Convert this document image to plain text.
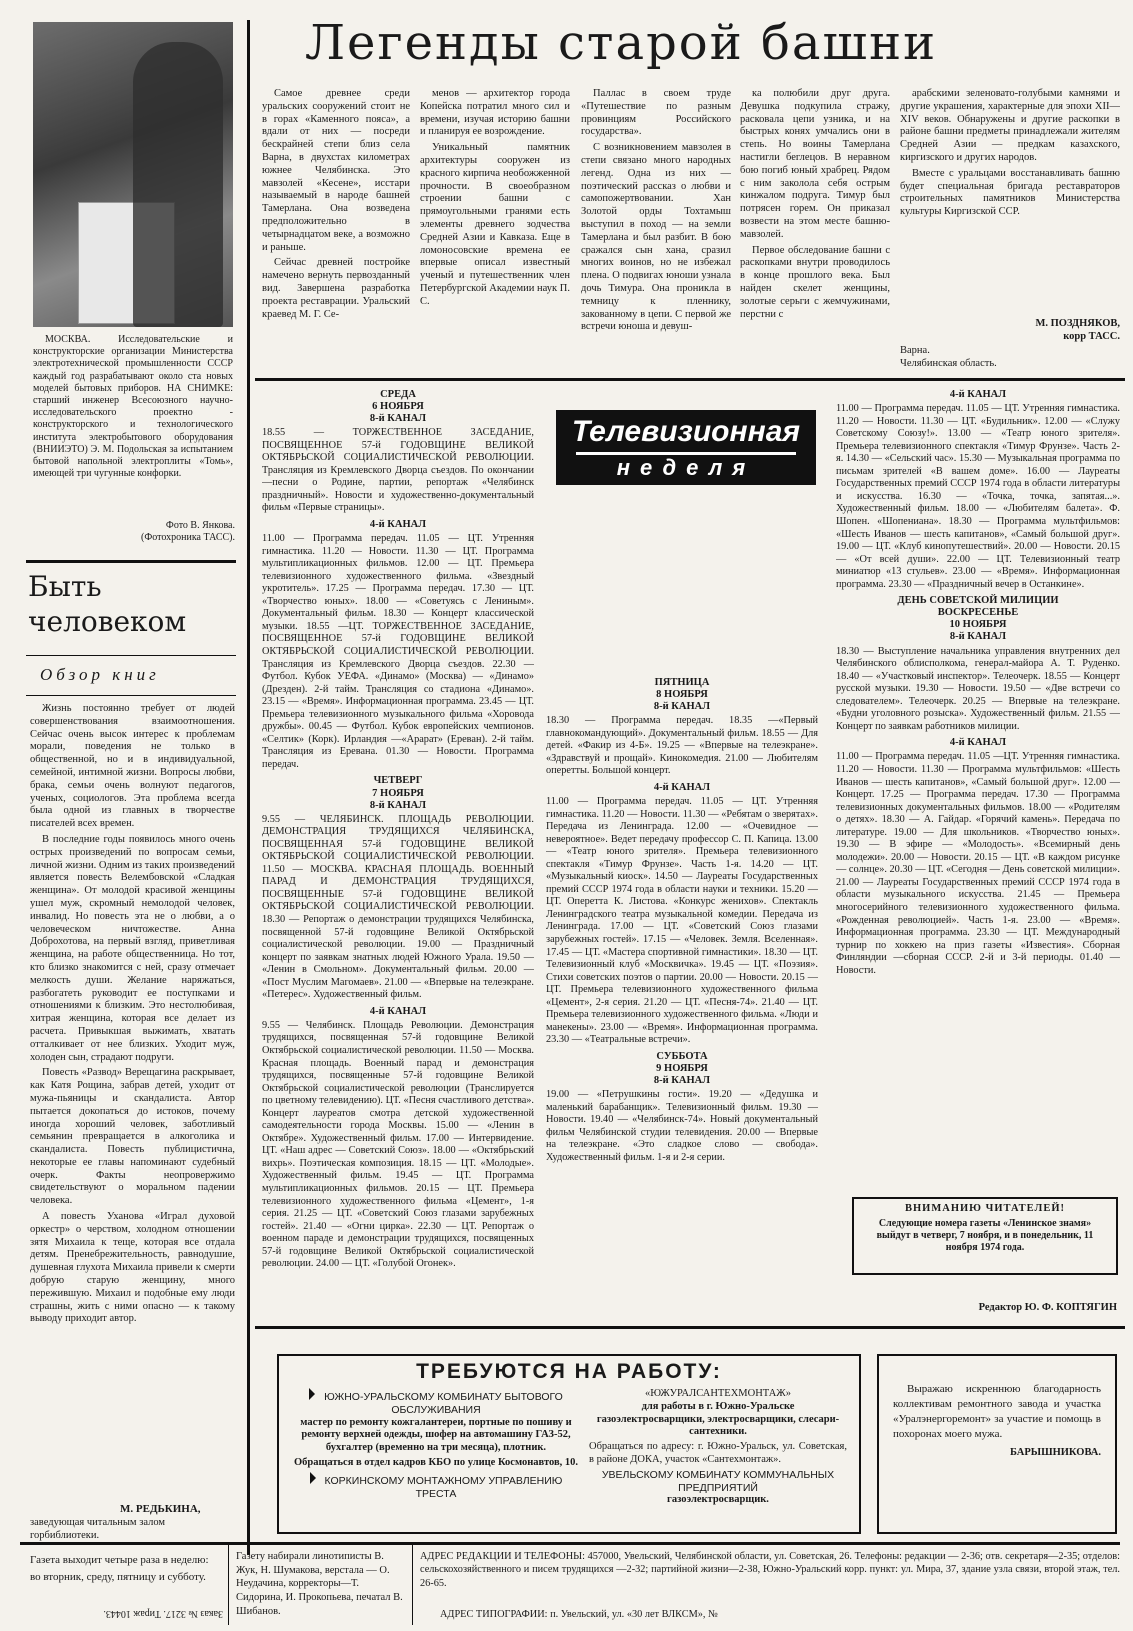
МОСКВА. Исследовательские и конструкторские организации Министерства электротехнической промышленности СССР каждый год разрабатывают около ста новых моделей бытовых приборов. НА СНИМКЕ: старший инженер Всесоюзного научно-исследовательского проектно - конструкторского и технологического института электробытового оборудования (ВНИИЭТО) Э. М. Подольская за испытанием бытовой напольной электроплиты «Томь», имеющей три чугунные конфорки.

Фото В. Янкова. (Фотохроника ТАСС).
Быть
человеком
Обзор книг

Жизнь постоянно требует от людей совершенствования взаимоотношения. Сейчас очень высок интерес к проблемам морали, поведения не только в общественной, но и в индивидуальной, семейной, интимной жизни. Вопросы любви, брака, семьи очень волнуют педагогов, ученых, социологов. Эта проблема всегда была одной из главных в творчестве писателей всех времен.

В последние годы появилось много очень острых произведений по вопросам семьи, личной жизни. Одним из таких произведений является повесть Велембовской «Сладкая женщина». От молодой красивой женщины ушел муж, скромный немолодой человек, инвалид. Но повесть эта не о любви, а о человеческом ничтожестве. Анна Доброхотова, на первый взгляд, приветливая женщина, на работе общественница. Но тот, кто близко знакомится с ней, сразу отмечает мелкость души. Желание наряжаться, разбогатеть руководит ее поступками и отношениями к близким. Это нестолюбивая, хитрая женщина, которая все делает из расчета. Привыкшая выжимать, хватать отталкивает от нее близких. Уходит муж, холоден сын, страдают подруги.

Повесть «Развод» Верещагина раскрывает, как Катя Рощина, забрав детей, уходит от мужа-пьяницы и скандалиста. Автор пытается докопаться до истоков, почему иногда хороший человек, заботливый семьянин превращается в алкоголика и скандалиста. Повесть публицистична, некоторые ее главы напоминают судебный очерк. Факты неопровержимо свидетельствуют о моральном падении человека.

А повесть Уханова «Играл духовой оркестр» о черством, холодном отношении зятя Михаила к теще, которая все отдала детям. Пренебрежительность, равнодушие, душевная глухота Михаила привели к смерти добрую старую женщину, много пережившую. Михаил и подобные ему люди страшны, жить с ними опасно — к такому выводу приходит автор.

М. РЕДЬКИНА,
заведующая читальным залом горбиблиотеки.
Легенды старой башни

Самое древнее среди уральских сооружений стоит не в горах «Каменного пояса», а вдали от них — посреди бескрайней степи близ села Варна, в двухстах километрах южнее Челябинска. Это мавзолей «Кесене», исстари называемый в народе башней Тамерлана. Она возведена предположительно в четырнадцатом веке, а возможно и раньше.

Сейчас древней постройке намечено вернуть первозданный вид. Завершена разработка проекта реставрации. Уральский краевед М. Г. Се-

менов — архитектор города Копейска потратил много сил и времени, изучая историю башни и планируя ее возрождение.

Уникальный памятник архитектуры сооружен из красного кирпича необожженной прочности. В своеобразном строении башни с прямоугольными гранями есть элементы древнего зодчества Средней Азии и Кавказа. Еще в ломоносовские времена ее впервые описал известный ученый и путешественник член Петербургской Академии наук П. С.

Паллас в своем труде «Путешествие по разным провинциям Российского государства».

С возникновением мавзолея в степи связано много народных легенд. Одна из них — поэтический рассказ о любви и самопожертвовании. Хан Золотой орды Тохтамыш выступил в поход — на земли Тамерлана и был разбит. В бою сражался сын хана, сразил многих воинов, но не избежал плена. О подвигах юноши узнала дочь Тимура. Она проникла в темницу к пленнику, закованному в цепи. С первой же встречи юноша и девуш-

ка полюбили друг друга. Девушка подкупила стражу, расковала цепи узника, и на быстрых конях умчались они в степь. Но воины Тамерлана настигли беглецов. В неравном бою погиб юный храбрец. Рядом с ним заколола себя острым кинжалом подруга. Тимур был потрясен горем. Он приказал возвести на этом месте башню-мавзолей.

Первое обследование башни с раскопками внутри проводилось в конце прошлого века. Был найден скелет женщины, золотые серьги с жемчужинами, перстни с

арабскими зеленовато-голубыми камнями и другие украшения, характерные для эпохи XII—XIV веков. Обнаружены и другие раскопки в районе башни предметы принадлежали жителям Средней Азии — предкам казахского, киргизского и других народов.

Вместе с уральцами восстанавливать башню будет специальная бригада реставраторов строительных памятников Министерства культуры Киргизской ССР.

М. ПОЗДНЯКОВ,
корр ТАСС.
Варна.
Челябинская область.
СРЕДА
6 НОЯБРЯ
8-й КАНАЛ
18.55 — ТОРЖЕСТВЕННОЕ ЗАСЕДАНИЕ, ПОСВЯЩЕННОЕ 57-й ГОДОВЩИНЕ ВЕЛИКОЙ ОКТЯБРЬСКОЙ СОЦИАЛИСТИЧЕСКОЙ РЕВОЛЮЦИИ. Трансляция из Кремлевского Дворца съездов. По окончании—песни о Родине, партии, репортаж «Челябинск праздничный». Новости и художественно-документальный фильм «Первые страницы».
4-й КАНАЛ
11.00 — Программа передач. 11.05 — ЦТ. Утренняя гимнастика. 11.20 — Новости. 11.30 — ЦТ. Программа мультипликационных фильмов. 12.00 — ЦТ. Премьера телевизионного художественного фильма. «Звездный укротитель». 17.25 — Программа передач. 17.30 — ЦТ. «Творчество юных». 18.00 — «Советуясь с Лениным». Документальный фильм. 18.30 — Концерт классической музыки. 18.55 —ЦТ. ТОРЖЕСТВЕННОЕ ЗАСЕДАНИЕ, ПОСВЯЩЕННОЕ 57-й ГОДОВЩИНЕ ВЕЛИКОЙ ОКТЯБРЬСКОЙ СОЦИАЛИСТИЧЕСКОЙ РЕВОЛЮЦИИ. Трансляция из Кремлевского Дворца съездов. 22.30 — Футбол. Кубок УЕФА. «Динамо» (Москва) — «Динамо» (Дрезден). 2-й тайм. Трансляция со стадиона «Динамо». 23.15 — «Время». Информационная программа. 23.45 — ЦТ. Премьера телевизионного музыкального фильма «Хоровода дружбы». 00.45 — Футбол. Кубок европейских чемпионов. «Селтик» (Корк). Ирландия —«Арарат» (Ереван). 2-й тайм. Трансляция из Еревана. 01.30 — Новости. Программа передач.
ЧЕТВЕРГ
7 НОЯБРЯ
8-й КАНАЛ
9.55 — ЧЕЛЯБИНСК. ПЛОЩАДЬ РЕВОЛЮЦИИ. ДЕМОНСТРАЦИЯ ТРУДЯЩИХСЯ ЧЕЛЯБИНСКА, ПОСВЯЩЕННАЯ 57-й ГОДОВЩИНЕ ВЕЛИКОЙ ОКТЯБРЬСКОЙ СОЦИАЛИСТИЧЕСКОЙ РЕВОЛЮЦИИ. 11.50 — МОСКВА. КРАСНАЯ ПЛОЩАДЬ. ВОЕННЫЙ ПАРАД И ДЕМОНСТРАЦИЯ ТРУДЯЩИХСЯ, ПОСВЯЩЕННЫЕ 57-й ГОДОВЩИНЕ ВЕЛИКОЙ ОКТЯБРЬСКОЙ СОЦИАЛИСТИЧЕСКОЙ РЕВОЛЮЦИИ. 18.30 — Репортаж о демонстрации трудящихся Челябинска, посвященной 57-й годовщине Великой Октябрьской социалистической революции. 19.00 — Праздничный концерт по заявкам знатных людей Южного Урала. 19.50 — «Ленин в Смольном». Документальный фильм. 20.00 — «Пост Муслим Магомаев». 21.00 — «Впервые на телеэкране. «Петерес». Художественный фильм.
4-й КАНАЛ
9.55 — Челябинск. Площадь Революции. Демонстрация трудящихся, посвященная 57-й годовщине Великой Октябрьской социалистической революции. 11.50 — Москва. Красная площадь. Военный парад и демонстрация трудящихся, посвященные 57-й годовщине Великой Октябрьской социалистической революции (Транслируется по цветному телевидению). ЦТ. «Песня счастливого детства». Концерт лауреатов смотра детской художественной самодеятельности города Москвы. 15.00 — «Ленин в Октябре». Художественный фильм. 17.00 — Интервидение. ЦТ. «Наш адрес — Советский Союз». 18.00 — «Октябрьский вихрь». Поэтическая композиция. 18.15 — ЦТ. «Молодые». Художественный фильм. 19.45 — ЦТ. Программа мультипликационных фильмов. 20.15 — ЦТ. Премьера телевизионного художественного фильма «Цемент», 1-я серия. 21.25 — ЦТ. «Советский Союз глазами зарубежных гостей». 21.40 — «Огни цирка». 22.30 — ЦТ. Репортаж о военном параде и демонстрации трудящихся, посвященных 57-й годовщине Великой Октябрьской социалистической революции. 24.00 — ЦТ. «Голубой Огонек».
Телевизионная
неделя
ПЯТНИЦА
8 НОЯБРЯ
8-й КАНАЛ
18.30 — Программа передач. 18.35 —«Первый главнокомандующий». Документальный фильм. 18.55 — Для детей. «Факир из 4-Б». 19.25 — «Впервые на телеэкране». «Здравствуй и прощай». Кинокомедия. 21.00 — Любителям оперетты. Большой концерт.
4-й КАНАЛ
11.00 — Программа передач. 11.05 — ЦТ. Утренняя гимнастика. 11.20 — Новости. 11.30 — «Ребятам о зверятах». Передача из Ленинграда. 12.00 — «Очевидное — невероятное». Ведет передачу профессор С. П. Капица. 13.00 — «Театр юного зрителя». Премьера телевизионного спектакля «Тимур Фрунзе». Часть 1-я. 14.20 — ЦТ. «Музыкальный киоск». 14.50 — Лауреаты Государственных премий СССР 1974 года в области науки и техники. 15.20 — ЦТ. Оперетта К. Листова. «Конкурс женихов». Спектакль Ленинградского театра музыкальной комедии. Передача из Ленинграда. 17.00 — ЦТ. «Советский Союз глазами зарубежных гостей». 17.15 — «Человек. Земля. Вселенная». 17.45 — ЦТ. «Мастера спортивной гимнастики». 18.30 — ЦТ. Телевизионный клуб «Москвичка». 19.45 — ЦТ. «Поэзия». Стихи советских поэтов о партии. 20.00 — Новости. 20.15 — ЦТ. Премьера телевизионного художественного фильма «Цемент», 2-я серия. 21.20 — ЦТ. «Песня-74». 21.40 — ЦТ. Премьера телевизионного художественного фильма. «Люди и манекены». 23.00 — «Время». Информационная программа. 23.30 — «Театральные встречи».
СУББОТА
9 НОЯБРЯ
8-й КАНАЛ
19.00 — «Петрушкины гости». 19.20 — «Дедушка и маленький барабанщик». Телевизионный фильм. 19.30 — Новости. 19.40 — «Челябинск-74». Новый документальный фильм Челябинской студии телевидения. 20.00 — Впервые на телеэкране. «Это сладкое слово — свобода». Художественный фильм. 1-я и 2-я серии.
4-й КАНАЛ
11.00 — Программа передач. 11.05 — ЦТ. Утренняя гимнастика. 11.20 — Новости. 11.30 — ЦТ. «Будильник». 12.00 — «Служу Советскому Союзу!». 13.00 — «Театр юного зрителя». Премьера телевизионного спектакля «Тимур Фрунзе». Часть 2-я. 14.30 — «Сельский час». 15.30 — Музыкальная программа по письмам зрителей «В вашем доме». 16.00 — Лауреаты Государственных премий СССР 1974 года в области литературы и искусства. 16.30 — «Точка, точка, запятая...». Художественный фильм. 18.00 — «Любителям балета». Ф. Шопен. «Шопениана». 18.30 — Программа мультфильмов: «Шесть Иванов — шесть капитанов», «Самый большой друг». 19.00 — ЦТ. «Клуб кинопутешествий». 20.00 — Новости. 20.15 — «От всей души». 22.00 — ЦТ. Телевизионный театр миниатюр «13 стульев». 23.00 — «Время». Информационная программа. 23.30 — «Праздничный вечер в Останкине».
ДЕНЬ СОВЕТСКОЙ МИЛИЦИИ
ВОСКРЕСЕНЬЕ
10 НОЯБРЯ
8-й КАНАЛ
18.30 — Выступление начальника управления внутренних дел Челябинского облисполкома, генерал-майора А. Т. Руденко. 18.40 — «Участковый инспектор». Телеочерк. 18.55 — Концерт русской музыки. 19.30 — Новости. 19.50 — «Две встречи со следователем». Телеочерк. 20.25 — Впервые на телеэкране. «Будни уголовного розыска». Художественный фильм. 21.55 — Концерт по заявкам работников милиции.
4-й КАНАЛ
11.00 — Программа передач. 11.05 —ЦТ. Утренняя гимнастика. 11.20 — Новости. 11.30 — Программа мультфильмов: «Шесть Иванов — шесть капитанов», «Самый большой друг». 12.00 — Концерт. 17.25 — Программа передач. 17.30 — Программа телевизионных документальных фильмов. 18.00 — «Родителям о детях». 18.30 — А. Гайдар. «Горячий камень». Передача по литературе. 19.00 — Для школьников. «Творчество юных». 19.30 — В эфире — «Молодость». «Всемирный день молодежи». 20.00 — Новости. 20.15 — ЦТ. «В каждом рисунке — солнце». 20.30 — ЦТ. «Сегодня — День советской милиции». 21.00 — Лауреаты Государственных премий СССР 1974 года в области музыкального искусства. 21.45 — Премьера многосерийного телевизионного художественного фильма. «Рожденная революцией». Часть 1-я. 23.00 — «Время». Информационная программа. 23.30 — ЦТ. Международный турнир по хоккею на приз газеты «Известия». Сборная Финляндии —сборная СССР. 2-й и 3-й периоды. 01.40 — Новости.
ВНИМАНИЮ ЧИТАТЕЛЕЙ!
Следующие номера газеты «Ленинское знамя» выйдут в четверг, 7 ноября, и в понедельник, 11 ноября 1974 года.
Редактор Ю. Ф. КОПТЯГИН
ТРЕБУЮТСЯ НА РАБОТУ:
ЮЖНО-УРАЛЬСКОМУ КОМБИНАТУ БЫТОВОГО ОБСЛУЖИВАНИЯ
мастер по ремонту кожгалантереи, портные по пошиву и ремонту верхней одежды, шофер на автомашину ГАЗ-52, бухгалтер (временно на три месяца), плотник.
Обращаться в отдел кадров КБО по улице Космонавтов, 10.
КОРКИНСКОМУ МОНТАЖНОМУ УПРАВЛЕНИЮ ТРЕСТА
«ЮЖУРАЛСАНТЕХМОНТАЖ»
для работы в г. Южно-Уральске газоэлектросварщики, электросварщики, слесари-сантехники.
Обращаться по адресу: г. Южно-Уральск, ул. Советская, в районе ДОКА, участок «Сантехмонтаж».
УВЕЛЬСКОМУ КОМБИНАТУ КОММУНАЛЬНЫХ ПРЕДПРИЯТИЙ
газоэлектросварщик.
Выражаю искреннюю благодарность коллективам ремонтного завода и участка «Уралэнергоремонт» за участие и помощь в похоронах моего мужа.
БАРЫШНИКОВА.
Газета выходит четыре раза в неделю: во вторник, среду, пятницу и субботу.
Заказ № 3217. Тираж 10443.
Газету набирали линотиписты В. Жук, Н. Шумакова, верстала — О. Неудачина, корректоры—Т. Сидорина, И. Прокопьева, печатал В. Шибанов.
АДРЕС РЕДАКЦИИ И ТЕЛЕФОНЫ: 457000, Увельский, Челябинской области, ул. Советская, 26. Телефоны: редакции — 2-36; отв. секретаря—2-35; отделов: сельскохозяйственного и писем трудящихся —2-32; партийной жизни—2-38, Южно-Уральский корр. пункт: ул. Мира, 37, здание узла связи, второй этаж, тел. 26-65.
АДРЕС ТИПОГРАФИИ: п. Увельский, ул. «30 лет ВЛКСМ», №
